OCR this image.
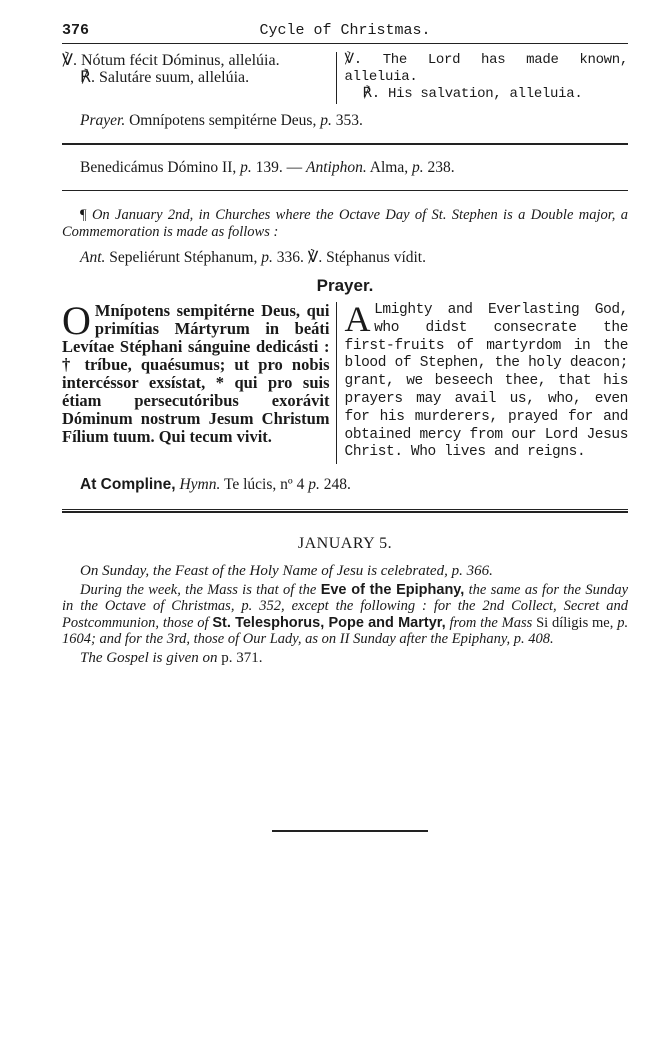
376	Cycle of Christmas.

℣. Nótum fécit Dóminus, allelúia.

℟. Salutáre suum, allelúia.

℣. The Lord has made known, alleluia.

℟. His salvation, alleluia.

Prayer. Omnípotens sempitérne Deus, p. 353.

Benedicámus Dómino II, p. 139. — Antiphon. Alma, p. 238.

¶ On January 2nd, in Churches where the Octave Day of St. Stephen is a Double major, a Commemoration is made as follows :

Ant. Sepeliérunt Stéphanum, p. 336. ℣. Stéphanus vídit.

Prayer.
O Mnípotens sempitérne Deus, qui primítias Mártyrum in beáti Levítae Stéphani sánguine dedicásti : † tríbue, quaésumus; ut pro nobis intercéssor exsístat, * qui pro suis étiam persecutóribus exorávit Dóminum nostrum Jesum Christum Fílium tuum. Qui tecum vivit.
A Lmighty and Everlasting God, who didst consecrate the first-fruits of martyrdom in the blood of Stephen, the holy deacon; grant, we beseech thee, that his prayers may avail us, who, even for his murderers, prayed for and obtained mercy from our Lord Jesus Christ. Who lives and reigns.

At Compline, Hymn. Te lúcis, nº 4 p. 248.

JANUARY 5.

On Sunday, the Feast of the Holy Name of Jesu is celebrated, p. 366.

During the week, the Mass is that of the Eve of the Epiphany, the same as for the Sunday in the Octave of Christmas, p. 352, except the following : for the 2nd Collect, Secret and Postcommunion, those of St. Telesphorus, Pope and Martyr, from the Mass Si díligis me, p. 1604; and for the 3rd, those of Our Lady, as on II Sunday after the Epiphany, p. 408.

The Gospel is given on p. 371.
